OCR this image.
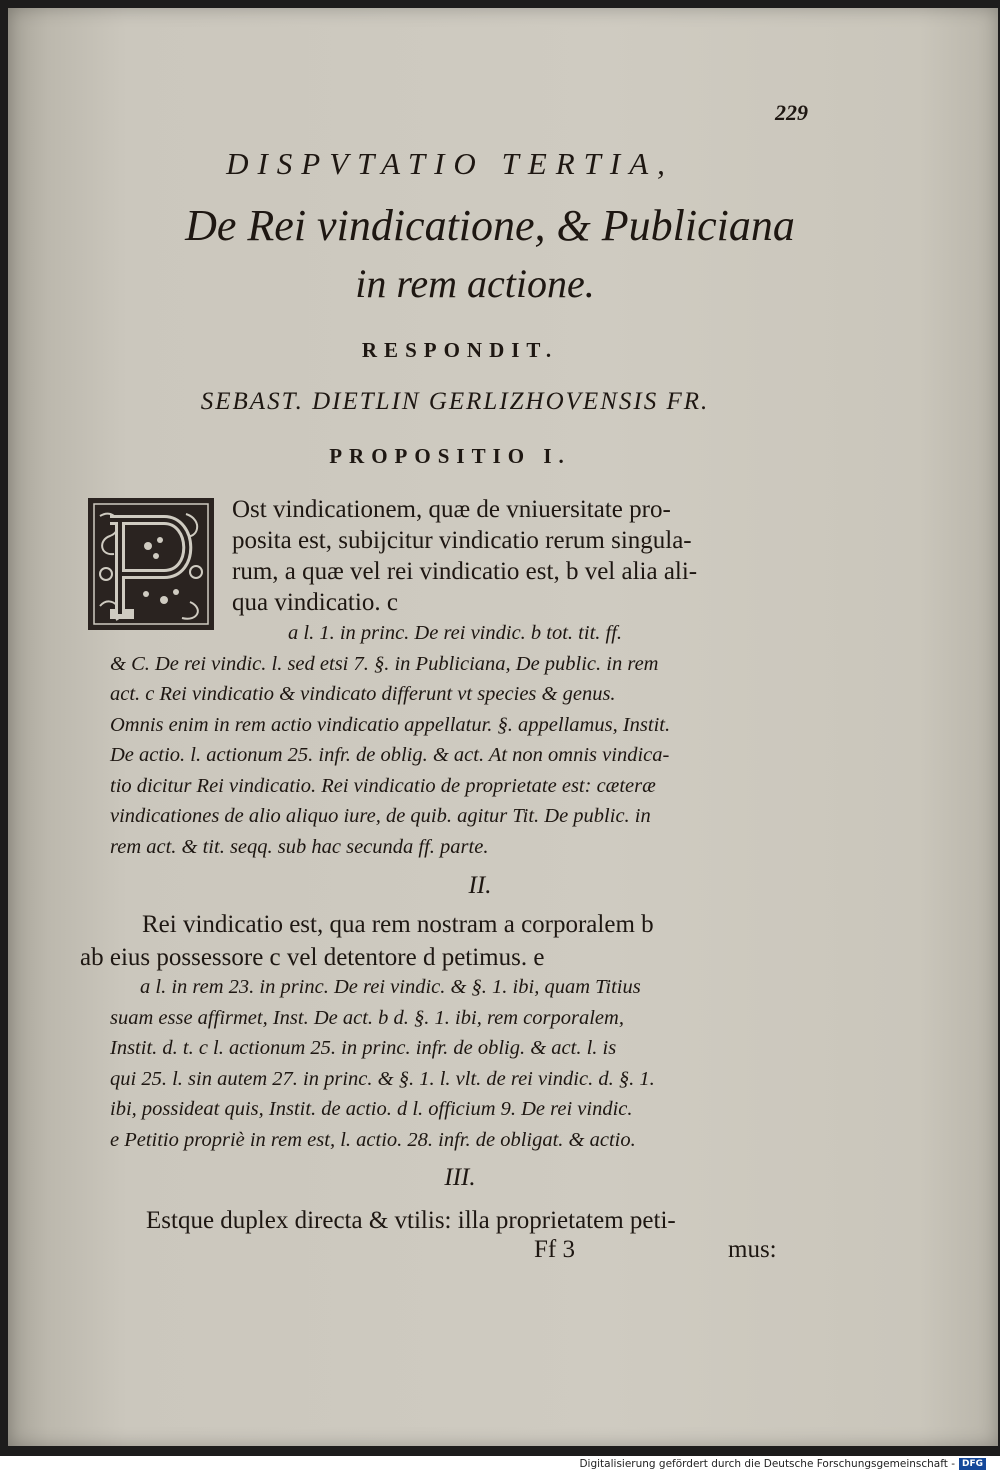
229
DISPVTATIO TERTIA,
De Rei vindicatione, & Publiciana
in rem actione.
RESPONDIT.
SEBAST. DIETLIN GERLIZHOVENSIS FR.
PROPOSITIO I.
Ost vindicationem, quæ de vniuersitate pro-
posita est, subijcitur vindicatio rerum singula-
rum, a quæ vel rei vindicatio est, b vel alia ali-
qua vindicatio. c
a l. 1. in princ. De rei vindic. b tot. tit. ff.
& C. De rei vindic. l. sed etsi 7. §. in Publiciana, De public. in rem
act. c Rei vindicatio & vindicato differunt vt species & genus.
Omnis enim in rem actio vindicatio appellatur. §. appellamus, Instit.
De actio. l. actionum 25. infr. de oblig. & act. At non omnis vindica-
tio dicitur Rei vindicatio. Rei vindicatio de proprietate est: cæteræ
vindicationes de alio aliquo iure, de quib. agitur Tit. De public. in
rem act. & tit. seqq. sub hac secunda ff. parte.
II.
Rei vindicatio est, qua rem nostram a corporalem b
ab eius possessore c vel detentore d petimus. e
a l. in rem 23. in princ. De rei vindic. & §. 1. ibi, quam Titius
suam esse affirmet, Inst. De act. b d. §. 1. ibi, rem corporalem,
Instit. d. t. c l. actionum 25. in princ. infr. de oblig. & act. l. is
qui 25. l. sin autem 27. in princ. & §. 1. l. vlt. de rei vindic. d. §. 1.
ibi, possideat quis, Instit. de actio. d l. officium 9. De rei vindic.
e Petitio propriè in rem est, l. actio. 28. infr. de obligat. & actio.
III.
Estque duplex directa & vtilis: illa proprietatem peti-
Ff 3	mus:
Digitalisierung gefördert durch die Deutsche Forschungsgemeinschaft - DFG
